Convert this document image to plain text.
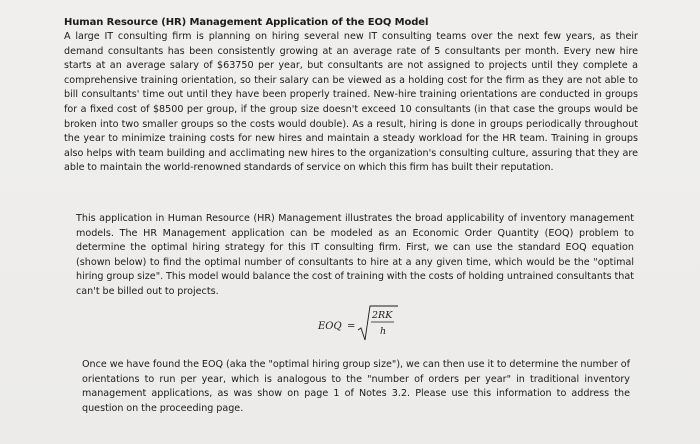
Human Resource (HR) Management Application of the EOQ Model
A large IT consulting firm is planning on hiring several new IT consulting teams over the next few years, as their demand consultants has been consistently growing at an average rate of 5 consultants per month. Every new hire starts at an average salary of $63750 per year, but consultants are not assigned to projects until they complete a comprehensive training orientation, so their salary can be viewed as a holding cost for the firm as they are not able to bill consultants' time out until they have been properly trained. New-hire training orientations are conducted in groups for a fixed cost of $8500 per group, if the group size doesn't exceed 10 consultants (in that case the groups would be broken into two smaller groups so the costs would double). As a result, hiring is done in groups periodically throughout the year to minimize training costs for new hires and maintain a steady workload for the HR team. Training in groups also helps with team building and acclimating new hires to the organization's consulting culture, assuring that they are able to maintain the world-renowned standards of service on which this firm has built their reputation.
This application in Human Resource (HR) Management illustrates the broad applicability of inventory management models. The HR Management application can be modeled as an Economic Order Quantity (EOQ) problem to determine the optimal hiring strategy for this IT consulting firm. First, we can use the standard EOQ equation (shown below) to find the optimal number of consultants to hire at a any given time, which would be the "optimal hiring group size". This model would balance the cost of training with the costs of holding untrained consultants that can't be billed out to projects.
EOQ =
2RK
h
Once we have found the EOQ (aka the "optimal hiring group size"), we can then use it to determine the number of orientations to run per year, which is analogous to the "number of orders per year" in traditional inventory management applications, as was show on page 1 of Notes 3.2. Please use this information to address the question on the proceeding page.
